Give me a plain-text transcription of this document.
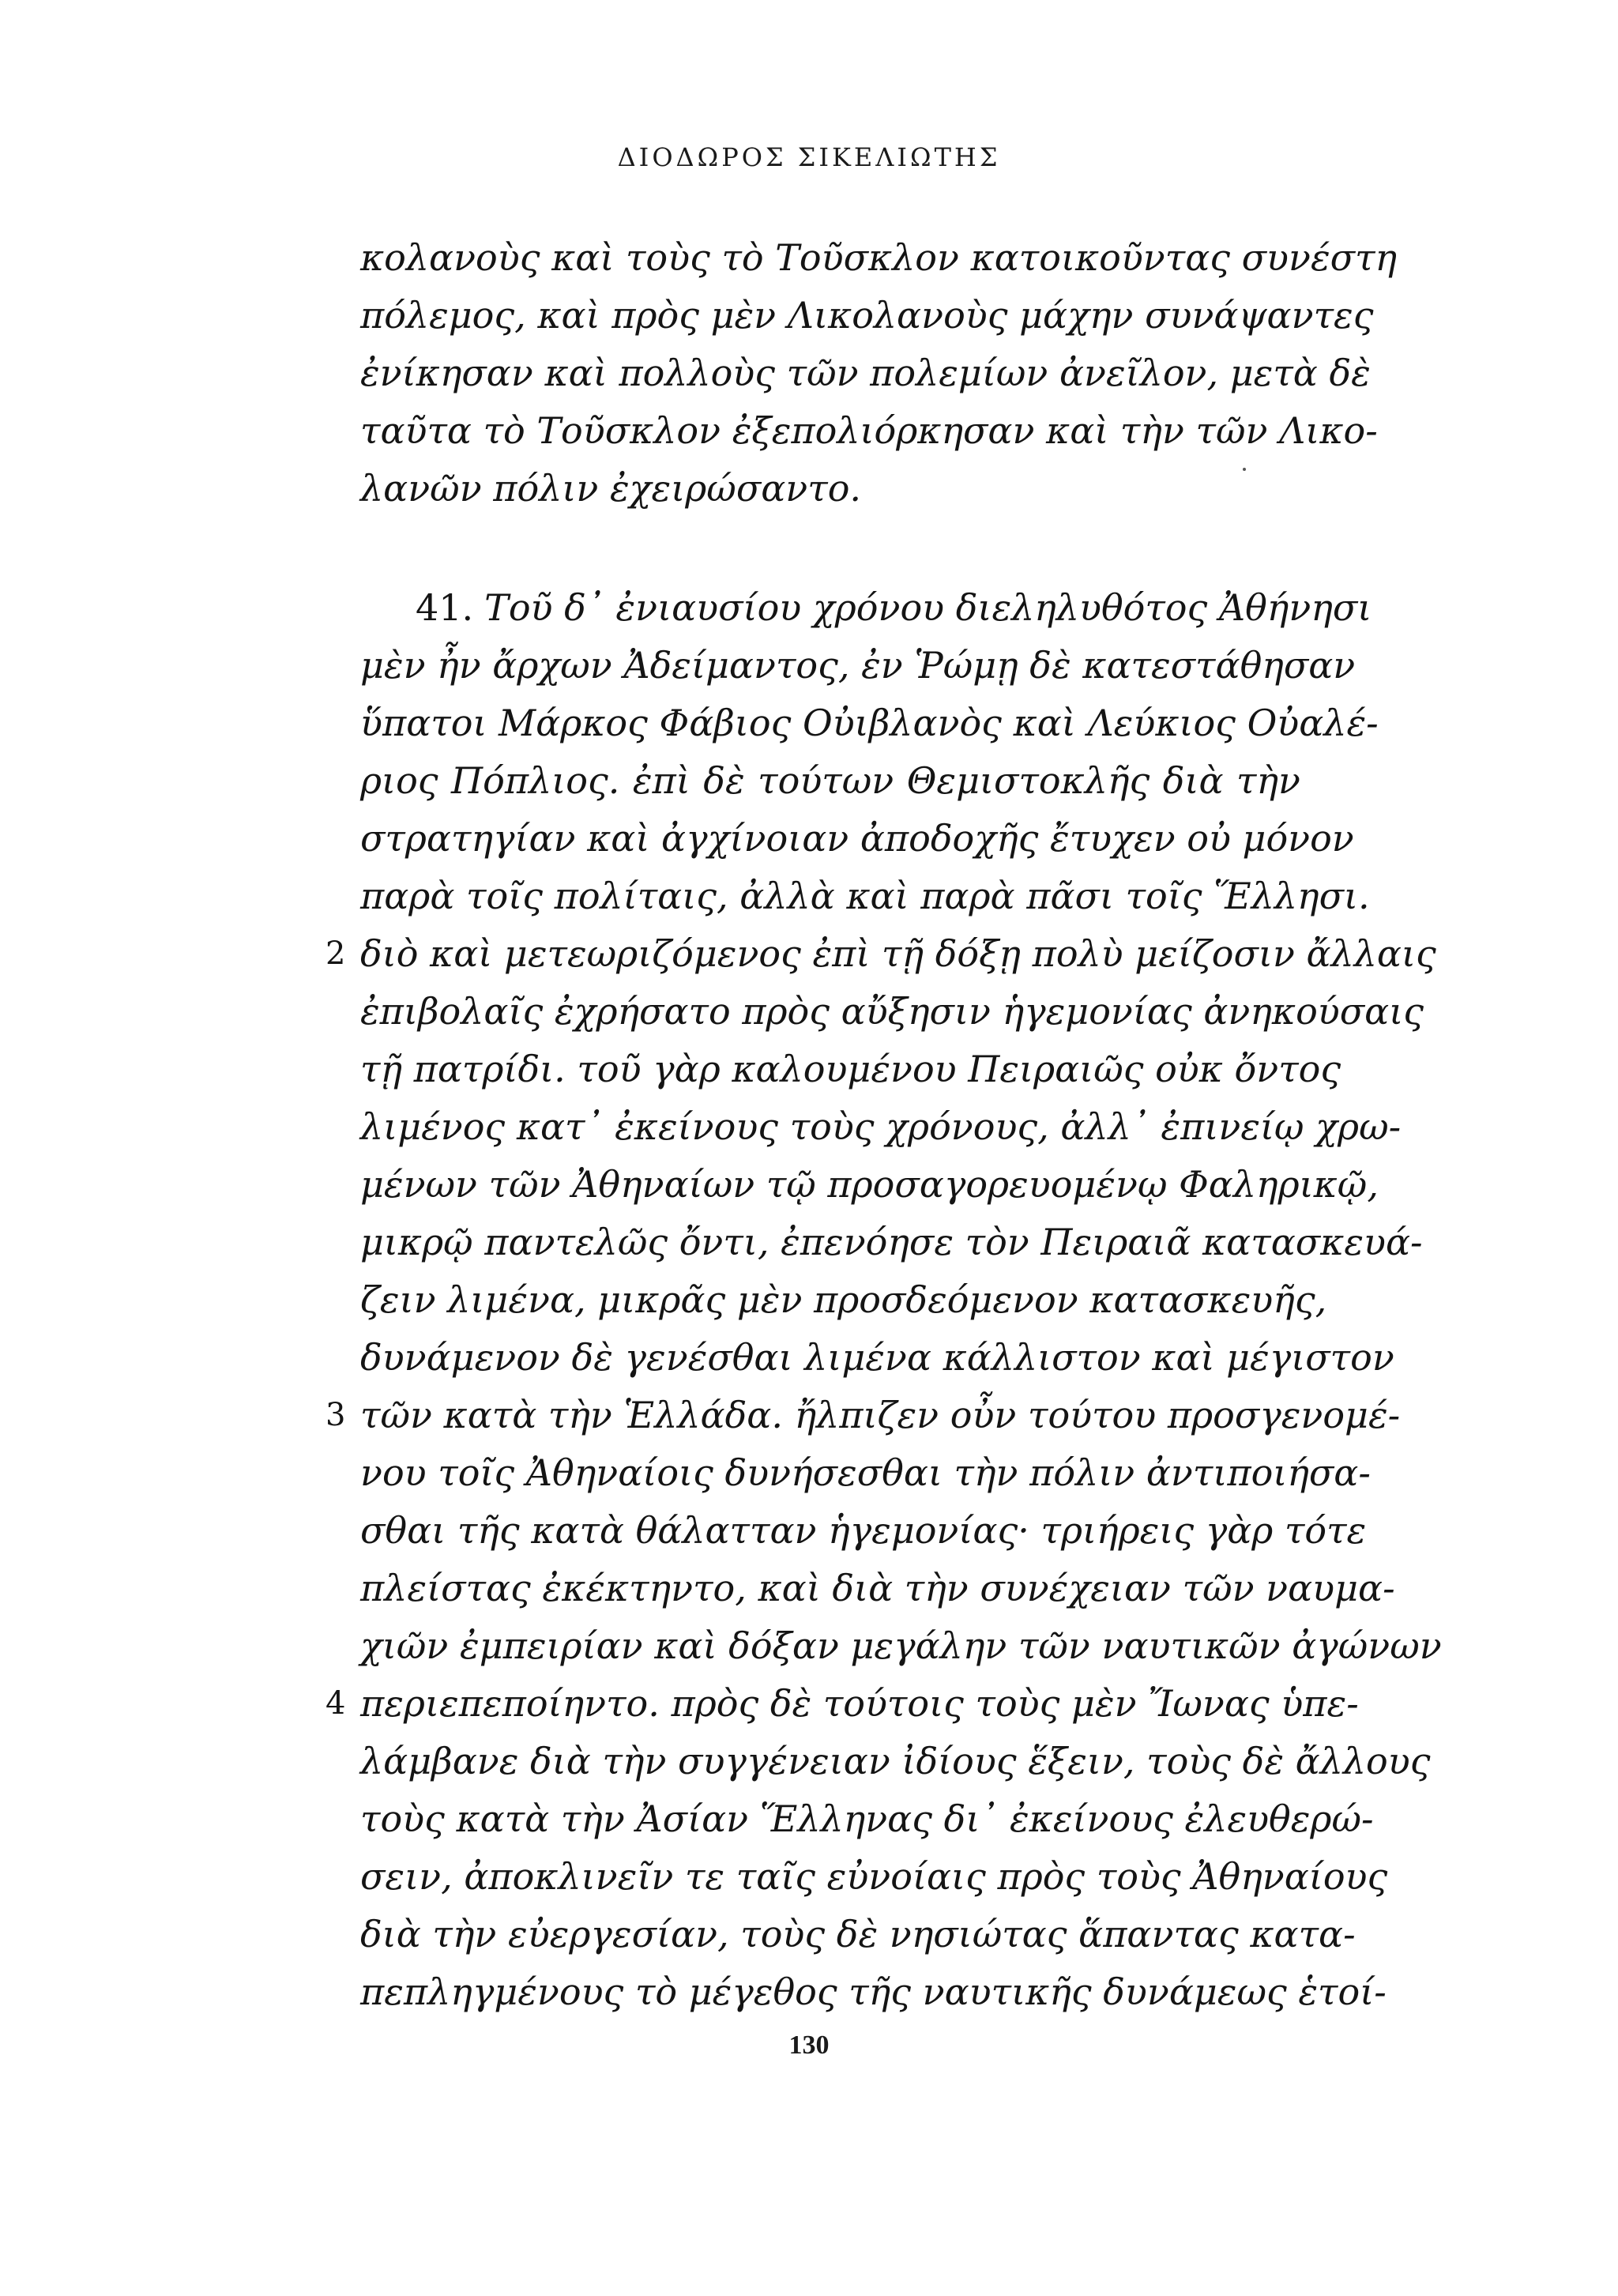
ΔΙΟΔΩΡΟΣ ΣΙΚΕΛΙΩΤΗΣ
κολανοὺς καὶ τοὺς τὸ Τοῦσκλον κατοικοῦντας συνέστη
πόλεμος, καὶ πρὸς μὲν Λικολανοὺς μάχην συνάψαντες
ἐνίκησαν καὶ πολλοὺς τῶν πολεμίων ἀνεῖλον, μετὰ δὲ
ταῦτα τὸ Τοῦσκλον ἐξεπολιόρκησαν καὶ τὴν τῶν Λικο-
λανῶν πόλιν ἐχειρώσαντο.
41. Τοῦ δ᾽ ἐνιαυσίου χρόνου διεληλυθότος Ἀθήνησι
μὲν ἦν ἄρχων Ἀδείμαντος, ἐν Ῥώμῃ δὲ κατεστάθησαν
ὕπατοι Μάρκος Φάβιος Οὐιβλανὸς καὶ Λεύκιος Οὐαλέ-
ριος Πόπλιος. ἐπὶ δὲ τούτων Θεμιστοκλῆς διὰ τὴν
στρατηγίαν καὶ ἀγχίνοιαν ἀποδοχῆς ἔτυχεν οὐ μόνον
παρὰ τοῖς πολίταις, ἀλλὰ καὶ παρὰ πᾶσι τοῖς Ἕλλησι.
2 διὸ καὶ μετεωριζόμενος ἐπὶ τῇ δόξῃ πολὺ μείζοσιν ἄλλαις
ἐπιβολαῖς ἐχρήσατο πρὸς αὔξησιν ἡγεμονίας ἀνηκούσαις
τῇ πατρίδι. τοῦ γὰρ καλουμένου Πειραιῶς οὐκ ὄντος
λιμένος κατ᾽ ἐκείνους τοὺς χρόνους, ἀλλ᾽ ἐπινείῳ χρω-
μένων τῶν Ἀθηναίων τῷ προσαγορευομένῳ Φαληρικῷ,
μικρῷ παντελῶς ὄντι, ἐπενόησε τὸν Πειραιᾶ κατασκευά-
ζειν λιμένα, μικρᾶς μὲν προσδεόμενον κατασκευῆς,
δυνάμενον δὲ γενέσθαι λιμένα κάλλιστον καὶ μέγιστον
3 τῶν κατὰ τὴν Ἑλλάδα. ἤλπιζεν οὖν τούτου προσγενομέ-
νου τοῖς Ἀθηναίοις δυνήσεσθαι τὴν πόλιν ἀντιποιήσα-
σθαι τῆς κατὰ θάλατταν ἡγεμονίας· τριήρεις γὰρ τότε
πλείστας ἐκέκτηντο, καὶ διὰ τὴν συνέχειαν τῶν ναυμα-
χιῶν ἐμπειρίαν καὶ δόξαν μεγάλην τῶν ναυτικῶν ἀγώνων
4 περιεπεποίηντο. πρὸς δὲ τούτοις τοὺς μὲν Ἴωνας ὑπε-
λάμβανε διὰ τὴν συγγένειαν ἰδίους ἕξειν, τοὺς δὲ ἄλλους
τοὺς κατὰ τὴν Ἀσίαν Ἕλληνας δι᾽ ἐκείνους ἐλευθερώ-
σειν, ἀποκλινεῖν τε ταῖς εὐνοίαις πρὸς τοὺς Ἀθηναίους
διὰ τὴν εὐεργεσίαν, τοὺς δὲ νησιώτας ἅπαντας κατα-
πεπληγμένους τὸ μέγεθος τῆς ναυτικῆς δυνάμεως ἑτοί-
130
